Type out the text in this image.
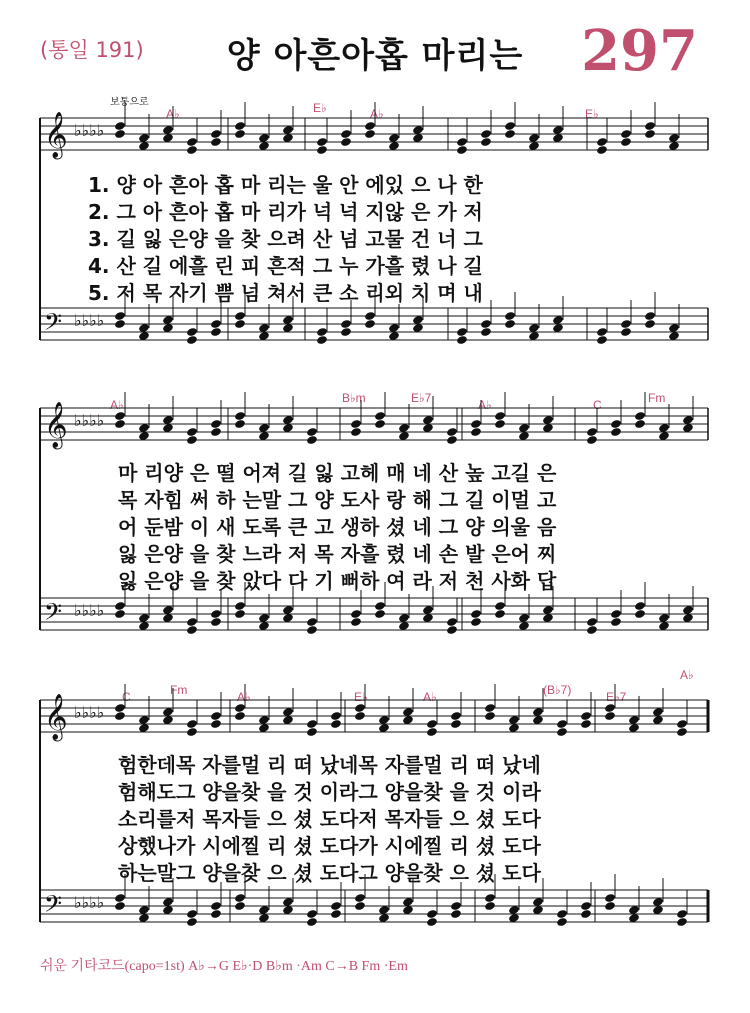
(통일 191)	양 아흔아홉 마리는	297
보통으로
A♭	E♭	A♭	E♭
A♭	B♭m	E♭7	A♭	C	Fm
C	Fm	A♭	E♭	A♭	(B♭7)	E♭7
A♭
𝄞 ♭♭♭♭
𝄢 ♭♭♭♭
𝄞 ♭♭♭♭
𝄢 ♭♭♭♭
𝄞 ♭♭♭♭
𝄢 ♭♭♭♭
1. 양 아 흔아 홉 마 리는 울 안 에있 으 나 한
2. 그 아 흔아 홉 마 리가 넉 넉 지않 은 가 저
3. 길 잃 은양 을 찾 으려 산 넘 고물 건 너 그
4. 산 길 에흘 린 피 흔적 그 누 가흘 렸 나 길
5. 저 목 자기 쁨 넘 쳐서 큰 소 리외 치 며 내
마 리양 은 떨 어져 길 잃 고헤 매 네 산 높 고길 은
목 자힘 써 하 는말 그 양 도사 랑 해 그 길 이멀 고
어 둔밤 이 새 도록 큰 고 생하 셨 네 그 양 의울 음
잃 은양 을 찾 느라 저 목 자흘 렸 네 손 발 은어 찌
잃 은양 을 찾 았다 다 기 뻐하 여 라 저 천 사화 답
험한데목 자를멀 리 떠 났네목 자를멀 리 떠 났네
험해도그 양을찾 을 것 이라그 양을찾 을 것 이라
소리를저 목자들 으 셨 도다저 목자들 으 셨 도다
상했나가 시에찔 리 셨 도다가 시에찔 리 셨 도다
하는말그 양을찾 으 셨 도다그 양을찾 으 셨 도다
쉬운 기타코드(capo=1st) A♭→G E♭·D B♭m ·Am C→B Fm ·Em
